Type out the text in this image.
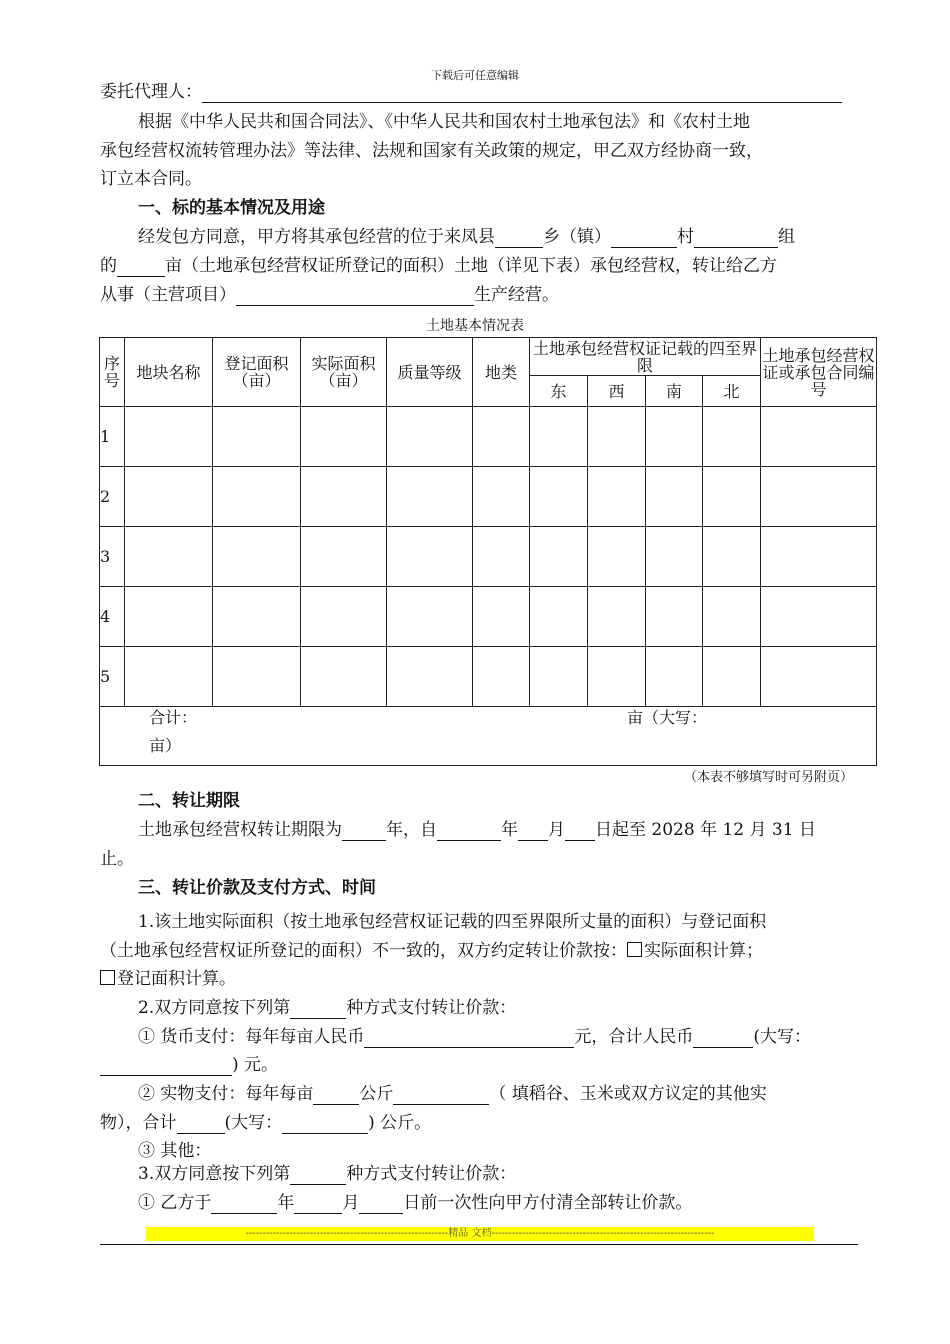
下载后可任意编辑
委托代理人：
根据《中华人民共和国合同法》、《中华人民共和国农村土地承包法》和《农村土地
承包经营权流转管理办法》等法律、法规和国家有关政策的规定，甲乙双方经协商一致，
订立本合同。
一、标的基本情况及用途
经发包方同意，甲方将其承包经营的位于来凤县	乡（镇）	村	组
的	亩（土地承包经营权证所登记的面积）土地（详见下表）承包经营权，转让给乙方
从事（主营项目）	生产经营。
土地基本情况表
序号	地块名称	登记面积（亩）	实际面积（亩）	质量等级	地类	土地承包经营权证记载的四至界限				土地承包经营权证或承包合同编号
						东	西	南	北	
1										
2										
3										
4										
5										

合计： 亩（大写：
亩）										
（本表不够填写时可另附页）
二、转让期限
土地承包经营权转让期限为	年，自	年 月 日起至 2028 年 12 月 31 日
止。
三、转让价款及支付方式、时间
1.该土地实际面积（按土地承包经营权证记载的四至界限所丈量的面积）与登记面积
（土地承包经营权证所登记的面积）不一致的，双方约定转让价款按： 实际面积计算；
登记面积计算。
2.双方同意按下列第	种方式支付转让价款：
① 货币支付：每年每亩人民币	元，合计人民币	(大写：
) 元。
② 实物支付：每年每亩	公斤	（ 填稻谷、玉米或双方议定的其他实
物），合计	(大写：	) 公斤。
③ 其他：
3.双方同意按下列第	种方式支付转让价款：
① 乙方于	年	月	日前一次性向甲方付清全部转让价款。
------------------------------------------------------------精品 文档------------------------------------------------------------------
